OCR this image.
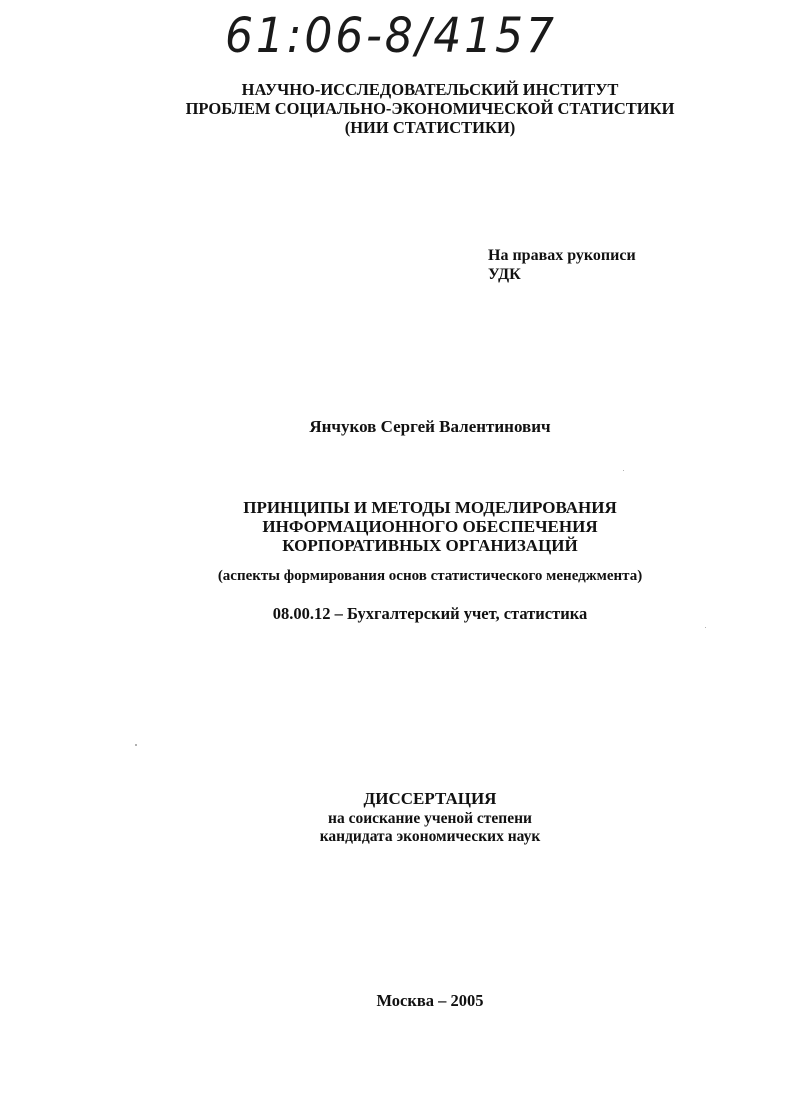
61:06-8/4157
НАУЧНО-ИССЛЕДОВАТЕЛЬСКИЙ ИНСТИТУТ
ПРОБЛЕМ СОЦИАЛЬНО-ЭКОНОМИЧЕСКОЙ СТАТИСТИКИ
(НИИ СТАТИСТИКИ)
На правах рукописи
УДК
Янчуков Сергей Валентинович
ПРИНЦИПЫ И МЕТОДЫ МОДЕЛИРОВАНИЯ
ИНФОРМАЦИОННОГО ОБЕСПЕЧЕНИЯ
КОРПОРАТИВНЫХ ОРГАНИЗАЦИЙ
(аспекты формирования основ статистического менеджмента)
08.00.12 – Бухгалтерский учет, статистика
ДИССЕРТАЦИЯ
на соискание ученой степени
кандидата экономических наук
Москва – 2005
